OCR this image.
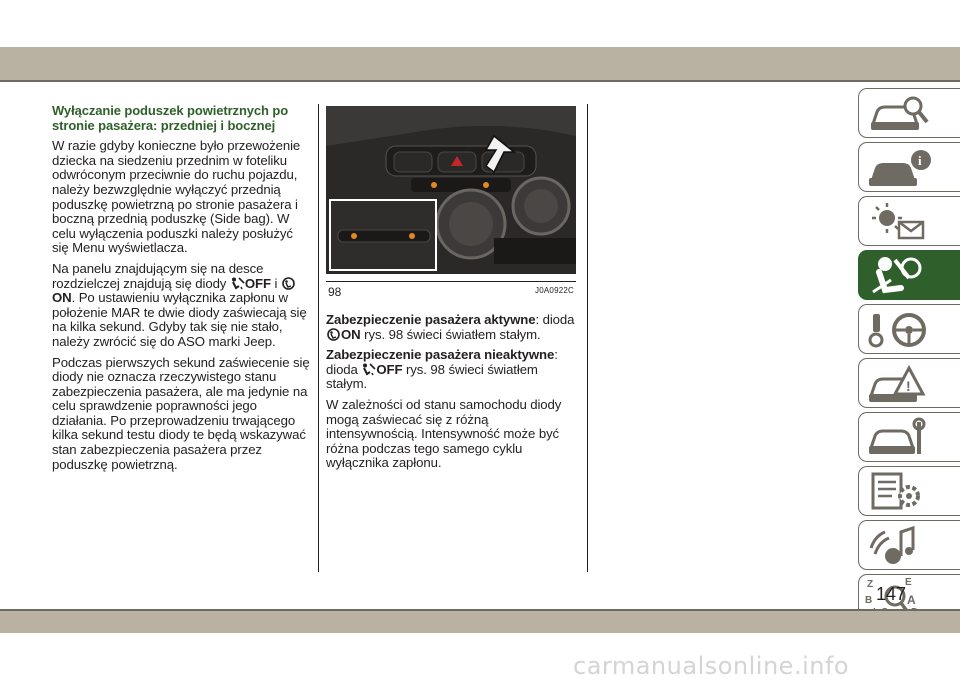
Wyłączanie poduszek powietrznych po stronie pasażera: przedniej i bocznej

W razie gdyby konieczne było przewożenie dziecka na siedzeniu przednim w foteliku odwróconym przeciwnie do ruchu pojazdu, należy bezwzględnie wyłączyć przednią poduszkę powietrzną po stronie pasażera i boczną przednią poduszkę (Side bag). W celu wyłączenia poduszki należy posłużyć się Menu wyświetlacza.

Na panelu znajdującym się na desce rozdzielczej znajdują się diody OFF i ON. Po ustawieniu wyłącznika zapłonu w położenie MAR te dwie diody zaświecają się na kilka sekund. Gdyby tak się nie stało, należy zwrócić się do ASO marki Jeep.

Podczas pierwszych sekund zaświecenie się diody nie oznacza rzeczywistego stanu zabezpieczenia pasażera, ale ma jedynie na celu sprawdzenie poprawności jego działania. Po przeprowadzeniu trwającego kilka sekund testu diody te będą wskazywać stan zabezpieczenia pasażera przez poduszkę powietrzną.

98	J0A0922C

Zabezpieczenie pasażera aktywne: dioda
ON rys. 98 świeci światłem stałym.

Zabezpieczenie pasażera nieaktywne:
dioda OFF rys. 98 świeci światłem stałym.

W zależności od stanu samochodu diody mogą zaświecać się z różną intensywnością. Intensywność może być różna podczas tego samego cyklu wyłącznika zapłonu.

i
!
Z	E
B	A
147
carmanualsonline.info
